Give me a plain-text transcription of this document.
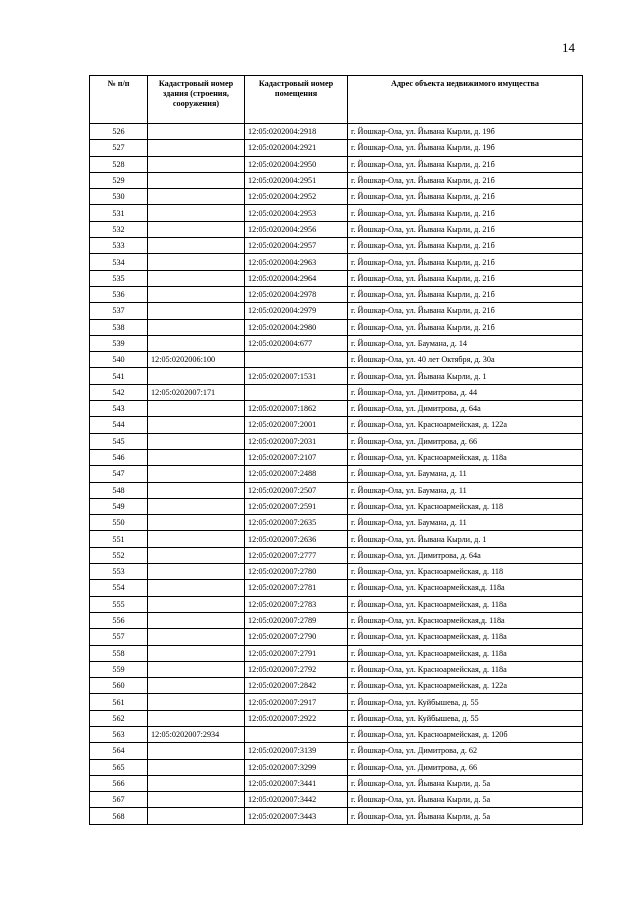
14
№ п/п	Кадастровый номер здания (строения, сооружения)	Кадастровый номер помещения	Адрес объекта недвижимого имущества
526		12:05:0202004:2918	г. Йошкар-Ола, ул. Йывана Кырли, д. 19б
527		12:05:0202004:2921	г. Йошкар-Ола, ул. Йывана Кырли, д. 19б
528		12:05:0202004:2950	г. Йошкар-Ола, ул. Йывана Кырли, д. 21б
529		12:05:0202004:2951	г. Йошкар-Ола, ул. Йывана Кырли, д. 21б
530		12:05:0202004:2952	г. Йошкар-Ола, ул. Йывана Кырли, д. 21б
531		12:05:0202004:2953	г. Йошкар-Ола, ул. Йывана Кырли, д. 21б
532		12:05:0202004:2956	г. Йошкар-Ола, ул. Йывана Кырли, д. 21б
533		12:05:0202004:2957	г. Йошкар-Ола, ул. Йывана Кырли, д. 21б
534		12:05:0202004:2963	г. Йошкар-Ола, ул. Йывана Кырли, д. 21б
535		12:05:0202004:2964	г. Йошкар-Ола, ул. Йывана Кырли, д. 21б
536		12:05:0202004:2978	г. Йошкар-Ола, ул. Йывана Кырли, д. 21б
537		12:05:0202004:2979	г. Йошкар-Ола, ул. Йывана Кырли, д. 21б
538		12:05:0202004:2980	г. Йошкар-Ола, ул. Йывана Кырли, д. 21б
539		12:05:0202004:677	г. Йошкар-Ола, ул. Баумана, д. 14
540	12:05:0202006:100		г. Йошкар-Ола, ул. 40 лет Октября, д. 30а
541		12:05:0202007:1531	г. Йошкар-Ола, ул. Йывана Кырли, д. 1
542	12:05:0202007:171		г. Йошкар-Ола, ул. Димитрова, д. 44
543		12:05:0202007:1862	г. Йошкар-Ола, ул. Димитрова, д. 64а
544		12:05:0202007:2001	г. Йошкар-Ола, ул. Красноармейская, д. 122а
545		12:05:0202007:2031	г. Йошкар-Ола, ул. Димитрова, д. 66
546		12:05:0202007:2107	г. Йошкар-Ола, ул. Красноармейская, д. 118а
547		12:05:0202007:2488	г. Йошкар-Ола, ул. Баумана, д. 11
548		12:05:0202007:2507	г. Йошкар-Ола, ул. Баумана, д. 11
549		12:05:0202007:2591	г. Йошкар-Ола, ул. Красноармейская, д. 118
550		12:05:0202007:2635	г. Йошкар-Ола, ул. Баумана, д. 11
551		12:05:0202007:2636	г. Йошкар-Ола, ул. Йывана Кырли, д. 1
552		12:05:0202007:2777	г. Йошкар-Ола, ул. Димитрова, д. 64а
553		12:05:0202007:2780	г. Йошкар-Ола, ул. Красноармейская, д. 118
554		12:05:0202007:2781	г. Йошкар-Ола, ул. Красноармейская,д. 118а
555		12:05:0202007:2783	г. Йошкар-Ола, ул. Красноармейская, д. 118а
556		12:05:0202007:2789	г. Йошкар-Ола, ул. Красноармейская,д. 118а
557		12:05:0202007:2790	г. Йошкар-Ола, ул. Красноармейская, д. 118а
558		12:05:0202007:2791	г. Йошкар-Ола, ул. Красноармейская, д. 118а
559		12:05:0202007:2792	г. Йошкар-Ола, ул. Красноармейская, д. 118а
560		12:05:0202007:2842	г. Йошкар-Ола, ул. Красноармейская, д. 122а
561		12:05:0202007:2917	г. Йошкар-Ола, ул. Куйбышева, д. 55
562		12:05:0202007:2922	г. Йошкар-Ола, ул. Куйбышева, д. 55
563	12:05:0202007:2934		г. Йошкар-Ола, ул. Красноармейская, д. 120б
564		12:05:0202007:3139	г. Йошкар-Ола, ул. Димитрова, д. 62
565		12:05:0202007:3299	г. Йошкар-Ола, ул. Димитрова, д. 66
566		12:05:0202007:3441	г. Йошкар-Ола, ул. Йывана Кырли, д. 5а
567		12:05:0202007:3442	г. Йошкар-Ола, ул. Йывана Кырли, д. 5а
568		12:05:0202007:3443	г. Йошкар-Ола, ул. Йывана Кырли, д. 5а
